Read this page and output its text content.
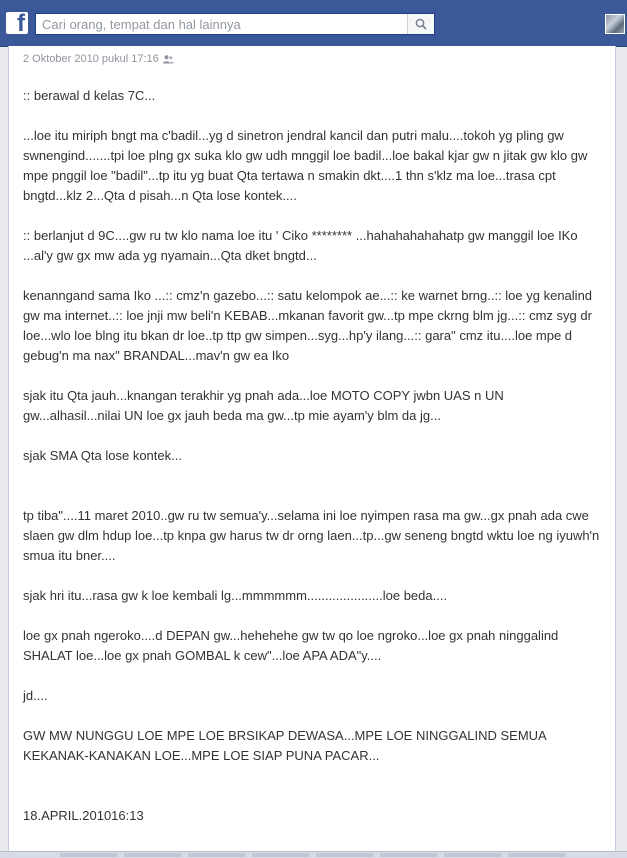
f
Cari orang, tempat dan hal lainnya
2 Oktober 2010 pukul 17:16

:: berawal d kelas 7C...

...loe itu miriph bngt ma c'badil...yg d sinetron jendral kancil dan putri malu....tokoh yg pling gw swnengind.......tpi loe plng gx suka klo gw udh mnggil loe badil...loe bakal kjar gw n jitak gw klo gw mpe pnggil loe "badil"...tp itu yg buat Qta tertawa n smakin dkt....1 thn s'klz ma loe...trasa cpt bngtd...klz 2...Qta d pisah...n Qta lose kontek....

:: berlanjut d 9C....gw ru tw klo nama loe itu ' Ciko ******** ...hahahahahahatp gw manggil loe IKo ...al'y gw gx mw ada yg nyamain...Qta dket bngtd...

kenanngand sama Iko ...:: cmz'n gazebo...:: satu kelompok ae...:: ke warnet brng..:: loe yg kenalind gw ma internet..:: loe jnji mw beli'n KEBAB...mkanan favorit gw...tp mpe ckrng blm jg...:: cmz syg dr loe...wlo loe blng itu bkan dr loe..tp ttp gw simpen...syg...hp'y ilang...:: gara" cmz itu....loe mpe d gebug'n ma nax" BRANDAL...mav'n gw ea Iko

sjak itu Qta jauh...knangan terakhir yg pnah ada...loe MOTO COPY jwbn UAS n UN gw...alhasil...nilai UN loe gx jauh beda ma gw...tp mie ayam'y blm da jg...

sjak SMA Qta lose kontek...

tp tiba"....11 maret 2010..gw ru tw semua'y...selama ini loe nyimpen rasa ma gw...gx pnah ada cwe slaen gw dlm hdup loe...tp knpa gw harus tw dr orng laen...tp...gw seneng bngtd wktu loe ng iyuwh'n smua itu bner....

sjak hri itu...rasa gw k loe kembali lg...mmmmmm.....................loe beda....

loe gx pnah ngeroko....d DEPAN gw...hehehehe gw tw qo loe ngroko...loe gx pnah ninggalind SHALAT loe...loe gx pnah GOMBAL k cew"...loe APA ADA"y....

jd....

GW MW NUNGGU LOE MPE LOE BRSIKAP DEWASA...MPE LOE NINGGALIND SEMUA KEKANAK-KANAKAN LOE...MPE LOE SIAP PUNA PACAR...

18.APRIL.201016:13
